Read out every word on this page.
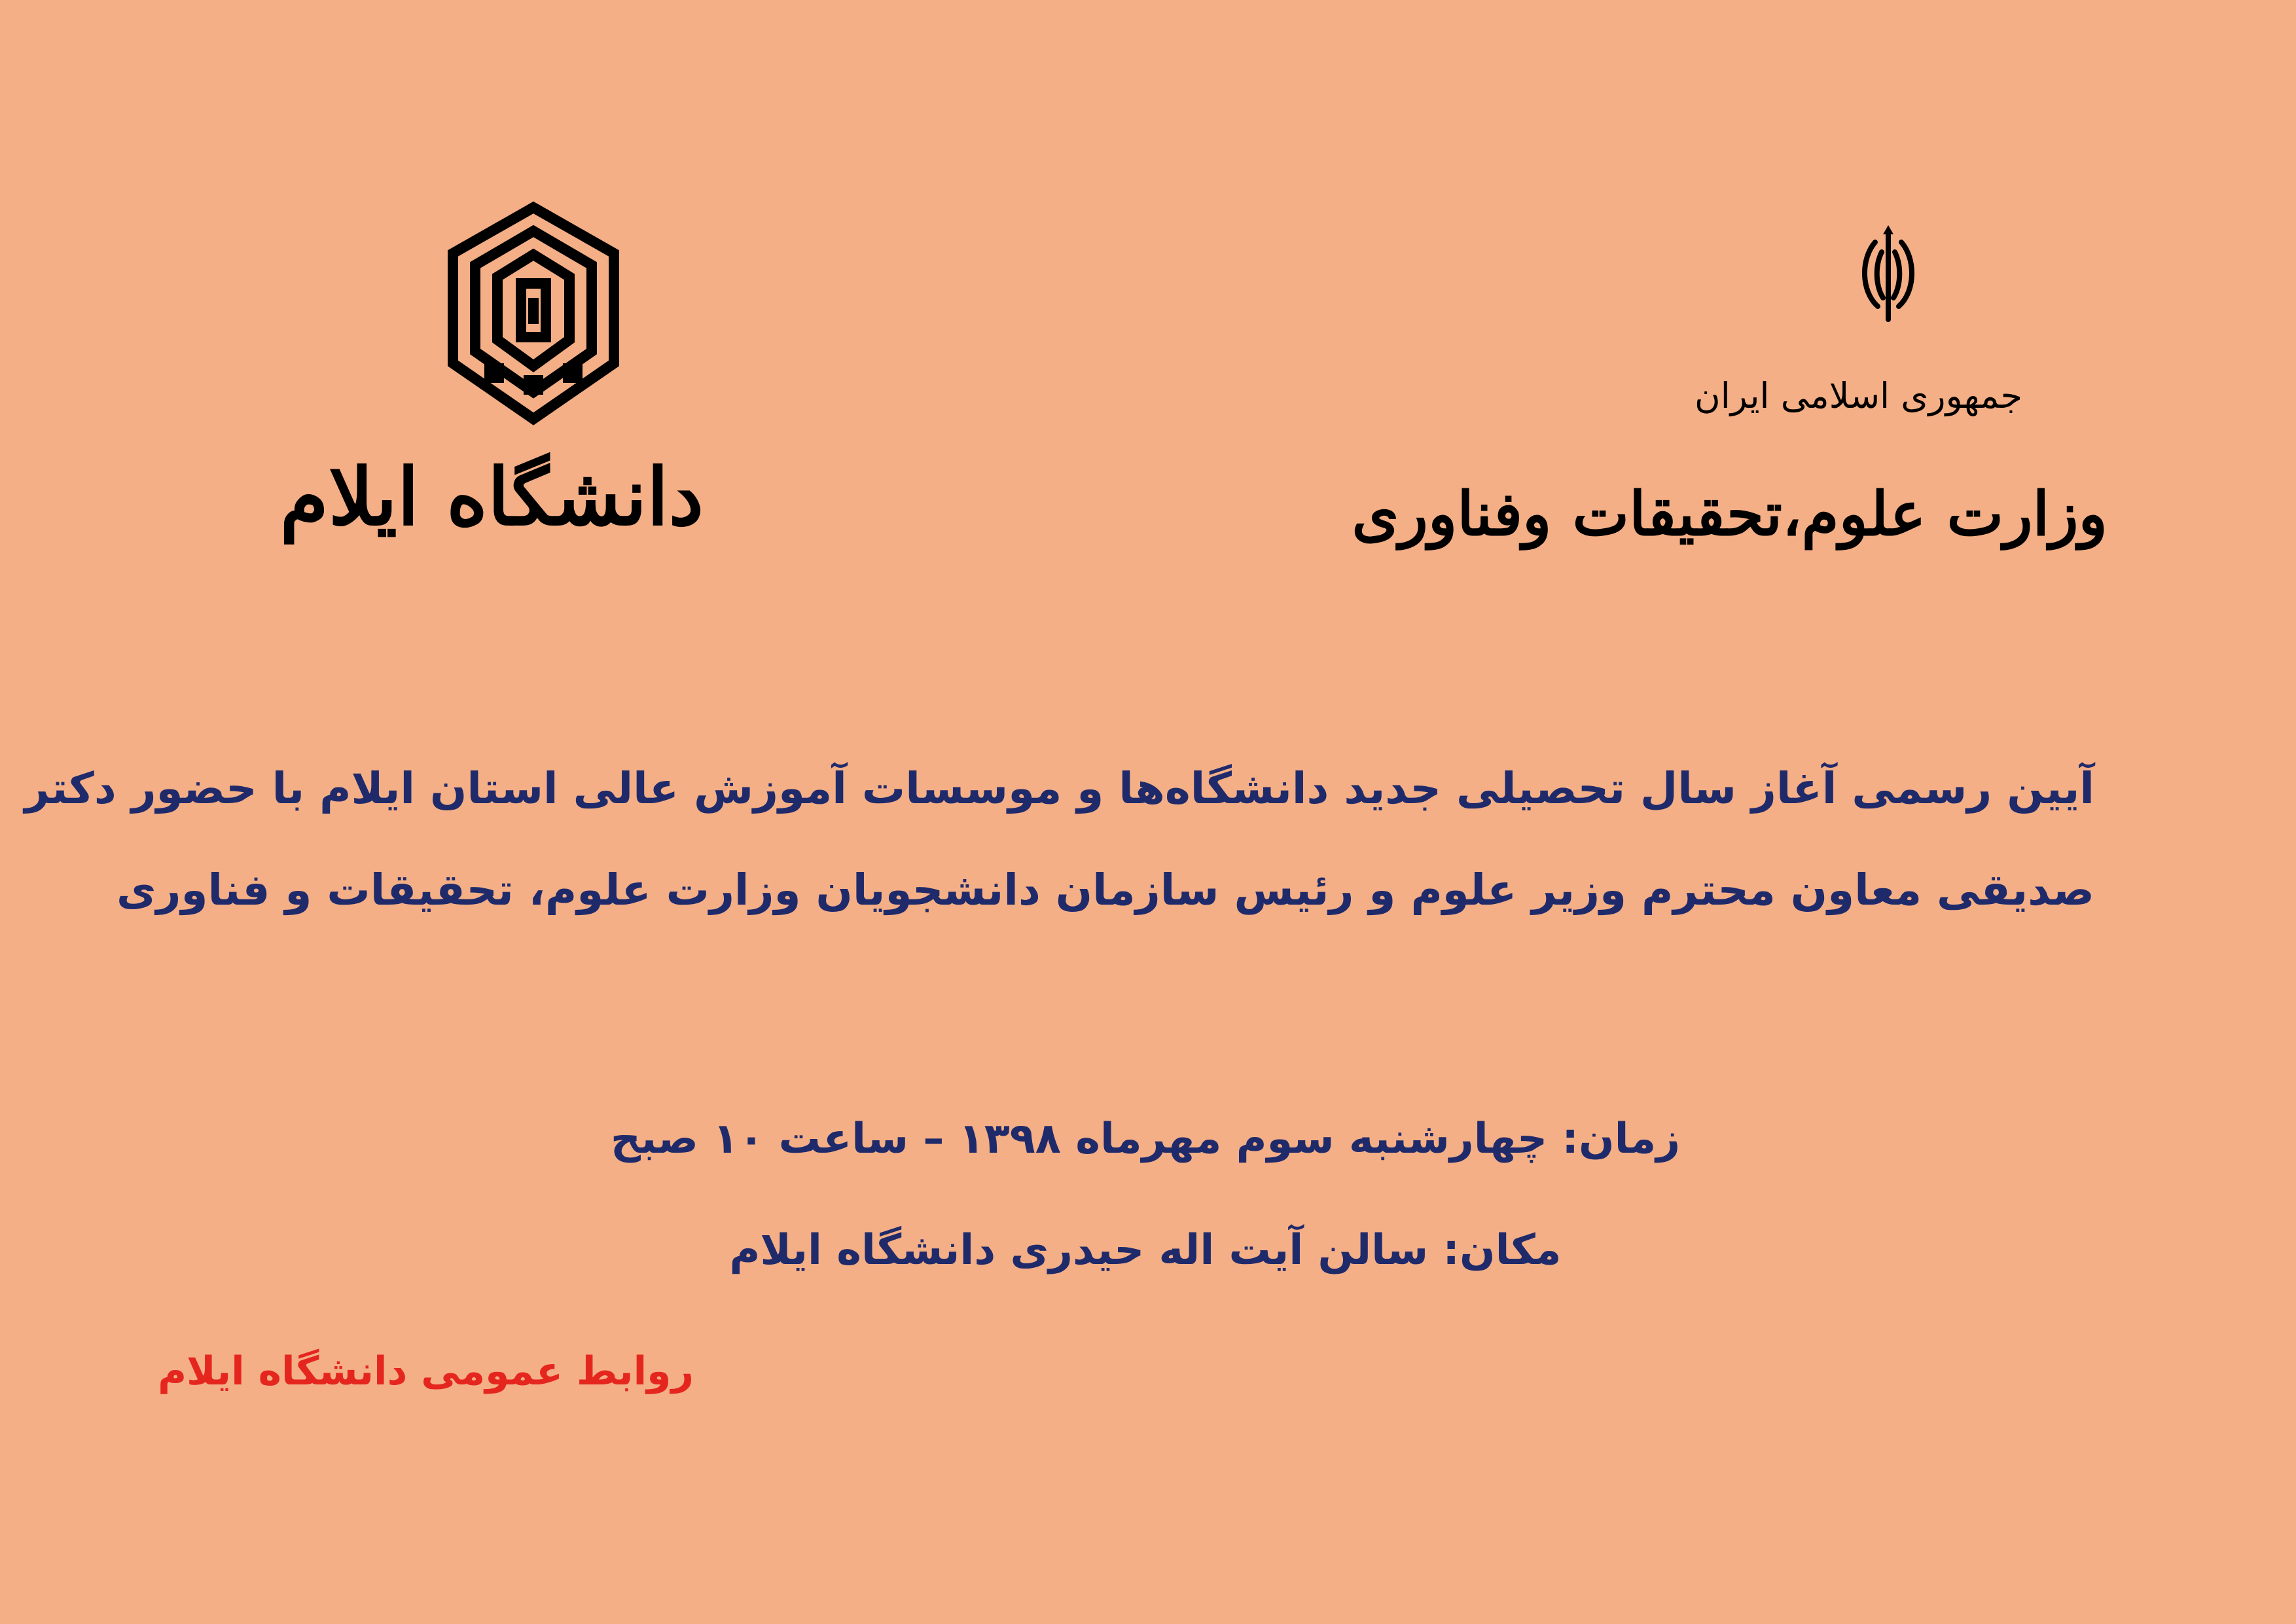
دانشگاه ایلام
جمهوری اسلامی ایران
وزارت علوم،تحقیقات وفناوری
آیین رسمی آغاز سال تحصیلی جدید دانشگاه‌ها و موسسات آموزش عالی استان ایلام با حضور دکتر
صدیقی معاون محترم وزیر علوم و رئیس سازمان دانشجویان وزارت علوم، تحقیقات و فناوری
زمان: چهارشنبه سوم مهرماه ۱۳۹۸ – ساعت ۱۰ صبح
مکان: سالن آیت اله حیدری دانشگاه ایلام
روابط عمومی دانشگاه ایلام
